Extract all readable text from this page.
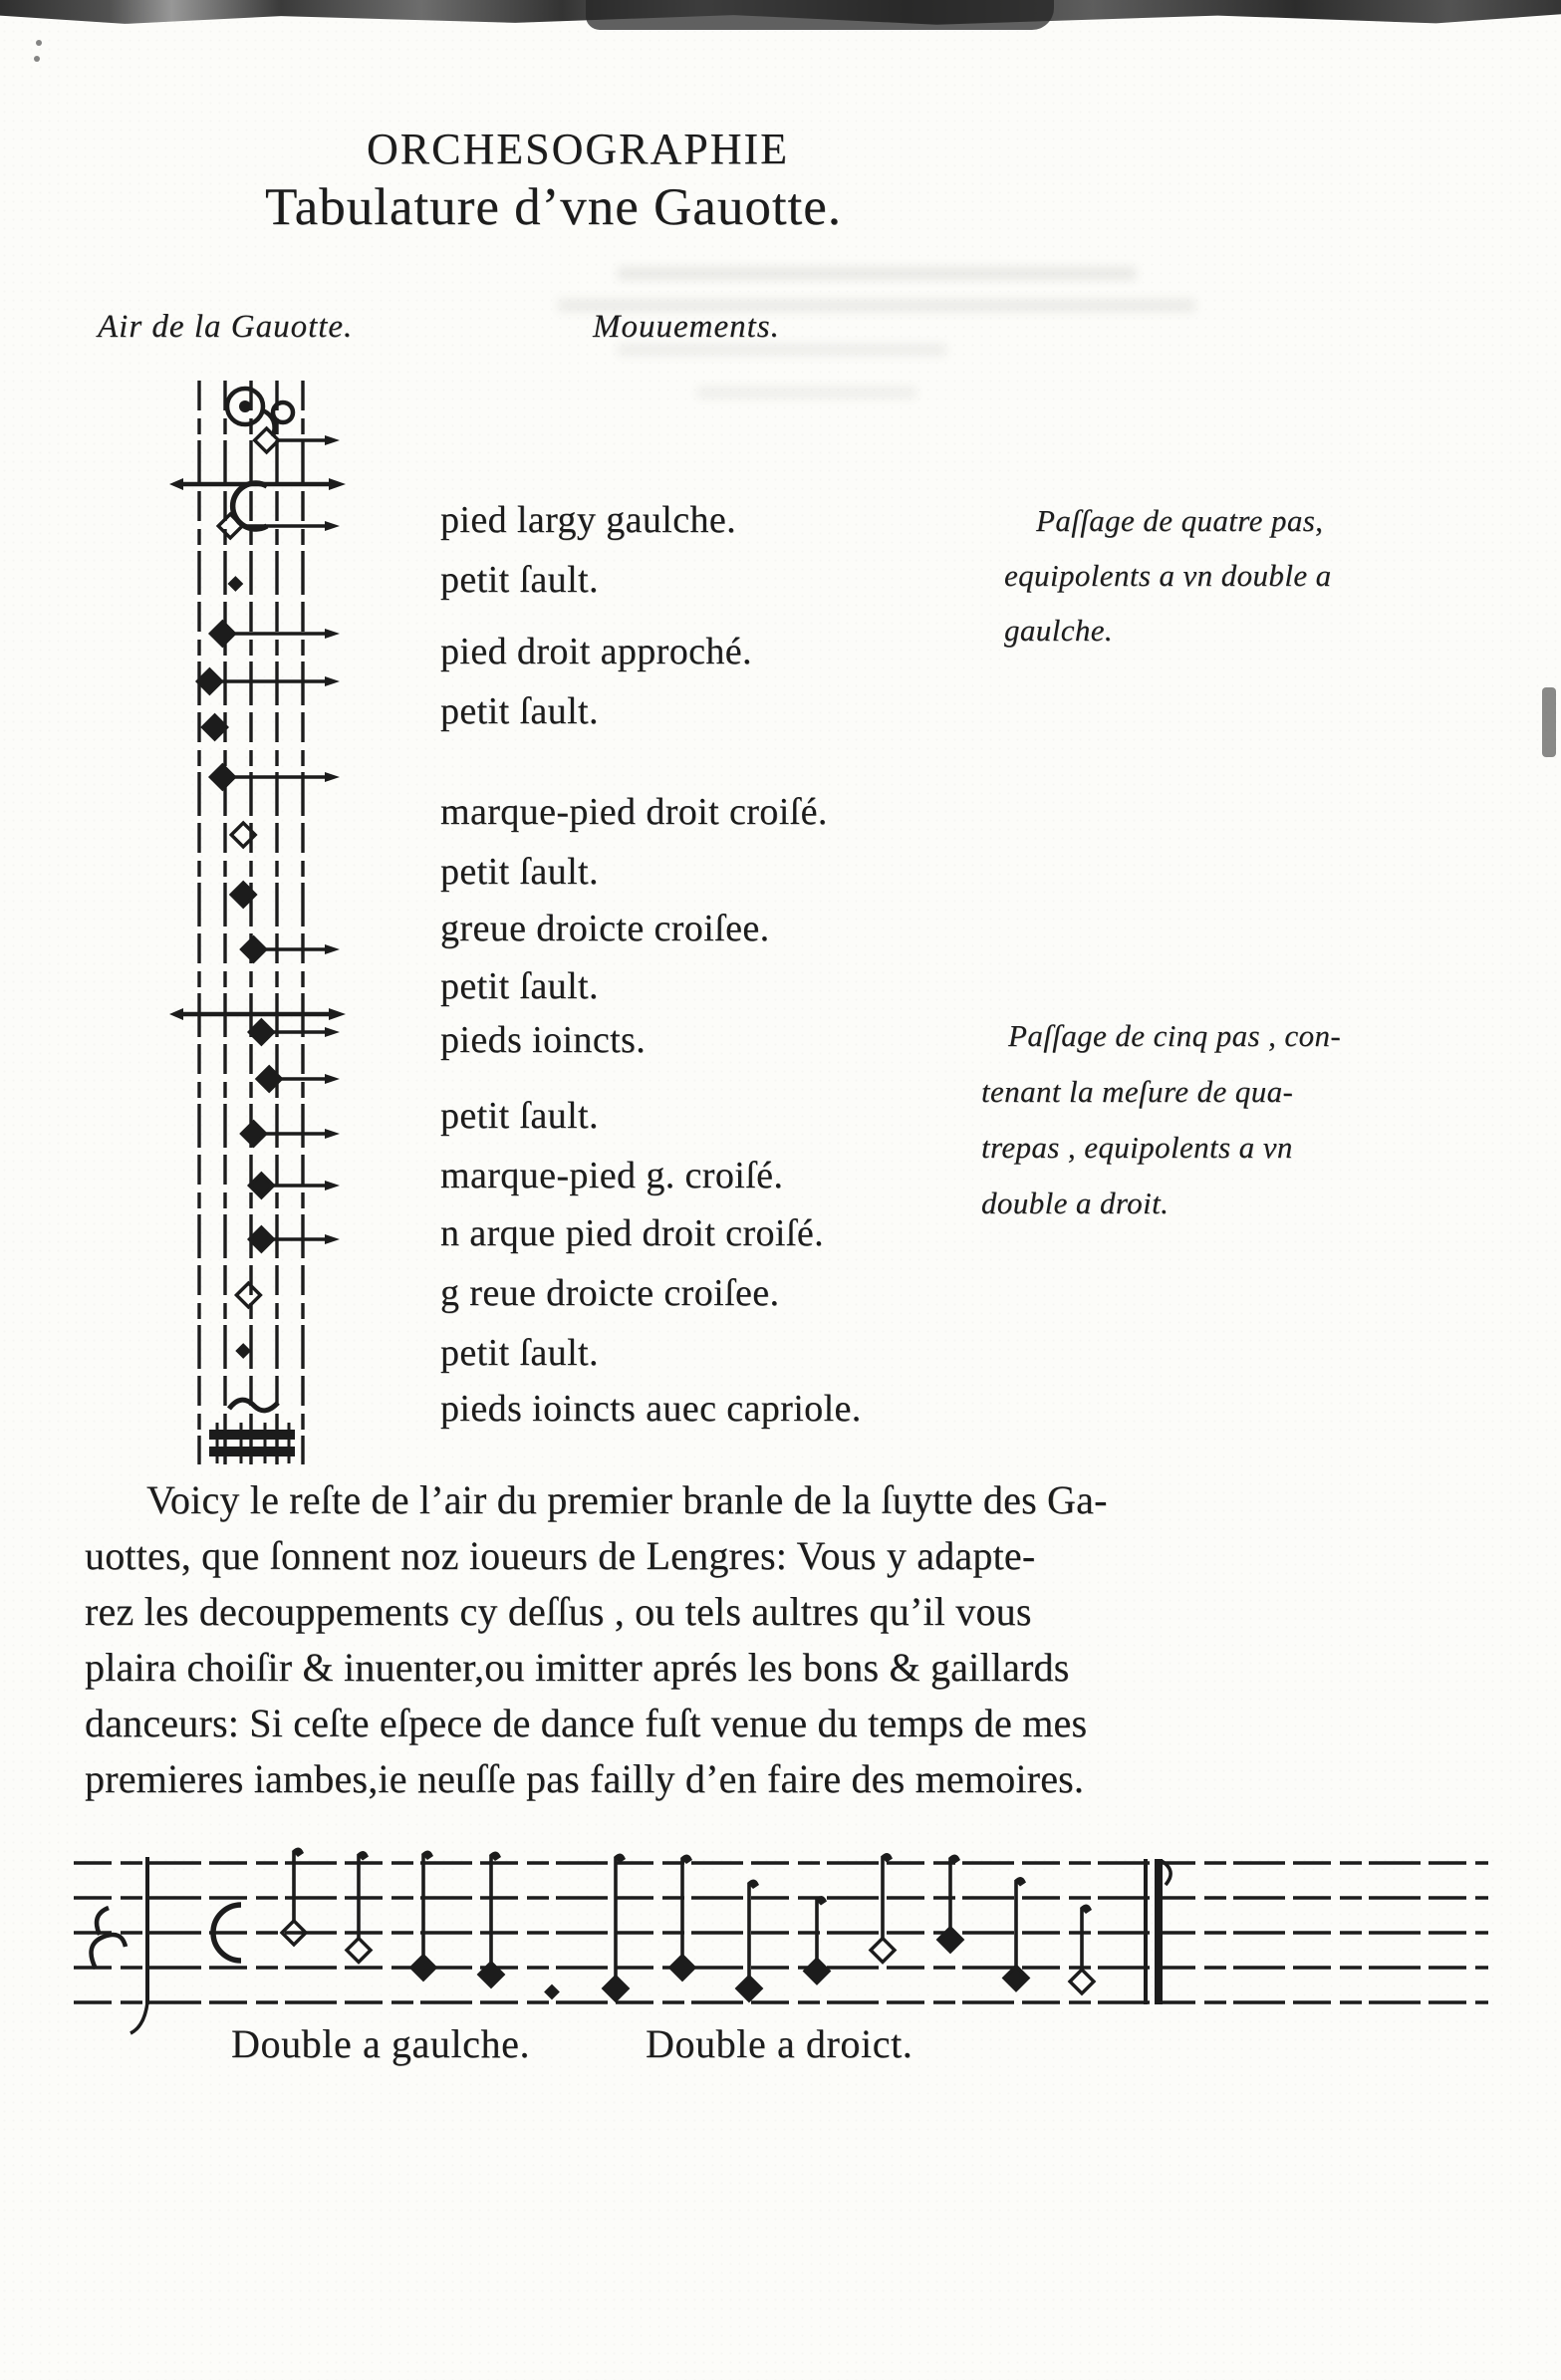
ORCHESOGRAPHIE
Tabulature d’vne Gauotte.
Air de la Gauotte.	Mouuements.
pied largy gaulche.
petit ſault.
pied droit approché.
petit ſault.
marque-pied droit croiſé.
petit ſault.
greue droicte croiſee.
petit ſault.
pieds ioincts.
petit ſault.
marque-pied g. croiſé.
n arque pied droit croiſé.
g reue droicte croiſee.
petit ſault.
pieds ioincts auec capriole.
Paſſage de quatre pas,
equipolents a vn double a
gaulche.
Paſſage de cinq pas , con-
tenant la meſure de qua-
trepas , equipolents a vn
double a droit.
Voicy le reſte de l’air du premier branle de la ſuytte des Ga-
uottes, que ſonnent noz ioueurs de Lengres: Vous y adapte-
rez les decouppements cy deſſus , ou tels aultres qu’il vous
plaira choiſir & inuenter,ou imitter aprés les bons & gaillards
danceurs: Si ceſte eſpece de dance fuſt venue du temps de mes
premieres iambes,ie neuſſe pas failly d’en faire des memoires.
Double a gaulche.	Double a droict.
